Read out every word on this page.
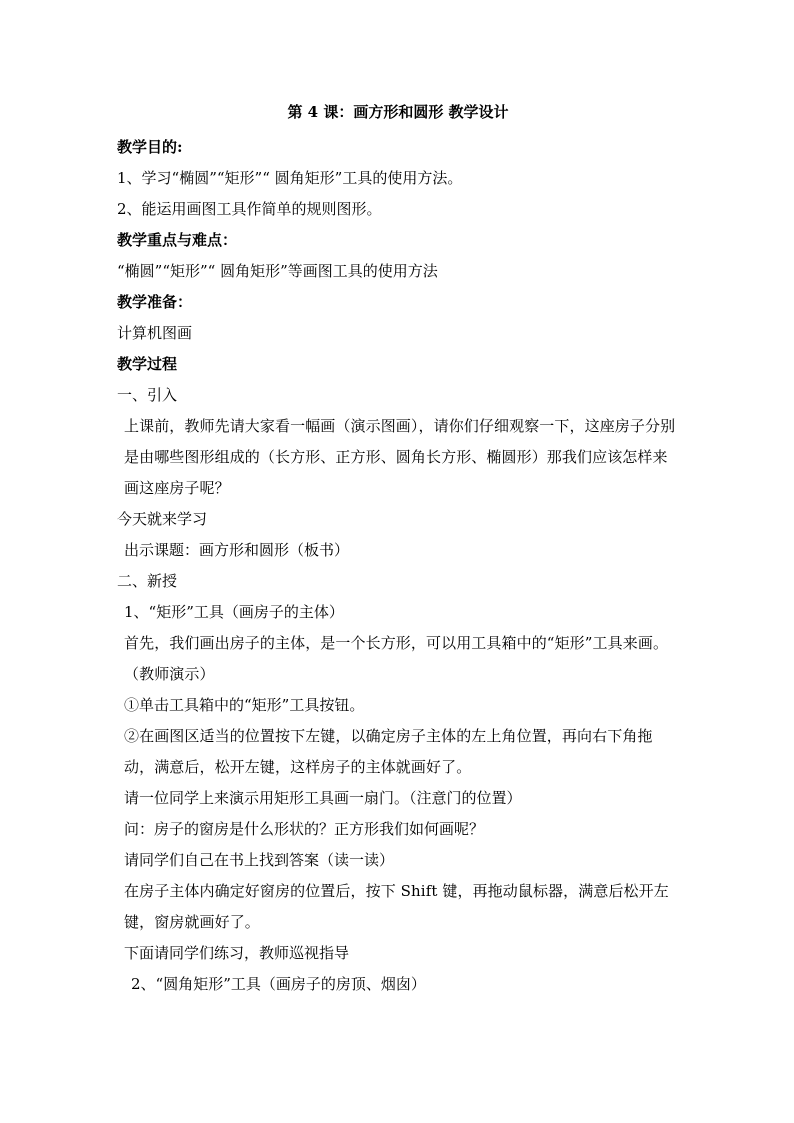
第 4 课：画方形和圆形 教学设计

教学目的:

1、学习“椭圆”“矩形”“ 圆角矩形”工具的使用方法。

2、能运用画图工具作简单的规则图形。

教学重点与难点：

“椭圆”“矩形”“ 圆角矩形”等画图工具的使用方法

教学准备：

计算机图画

教学过程

一、引入

上课前，教师先请大家看一幅画（演示图画），请你们仔细观察一下，这座房子分别是由哪些图形组成的（长方形、正方形、圆角长方形、椭圆形）那我们应该怎样来画这座房子呢？

今天就来学习

出示课题：画方形和圆形（板书）

二、新授

1、“矩形”工具（画房子的主体）

首先，我们画出房子的主体，是一个长方形，可以用工具箱中的“矩形”工具来画。（教师演示）

①单击工具箱中的“矩形”工具按钮。

②在画图区适当的位置按下左键，以确定房子主体的左上角位置，再向右下角拖动，满意后，松开左键，这样房子的主体就画好了。

请一位同学上来演示用矩形工具画一扇门。（注意门的位置）

问：房子的窗房是什么形状的？正方形我们如何画呢？

请同学们自己在书上找到答案（读一读）

在房子主体内确定好窗房的位置后，按下 Shift 键，再拖动鼠标器，满意后松开左键，窗房就画好了。

下面请同学们练习，教师巡视指导

2、“圆角矩形”工具（画房子的房顶、烟囱）
